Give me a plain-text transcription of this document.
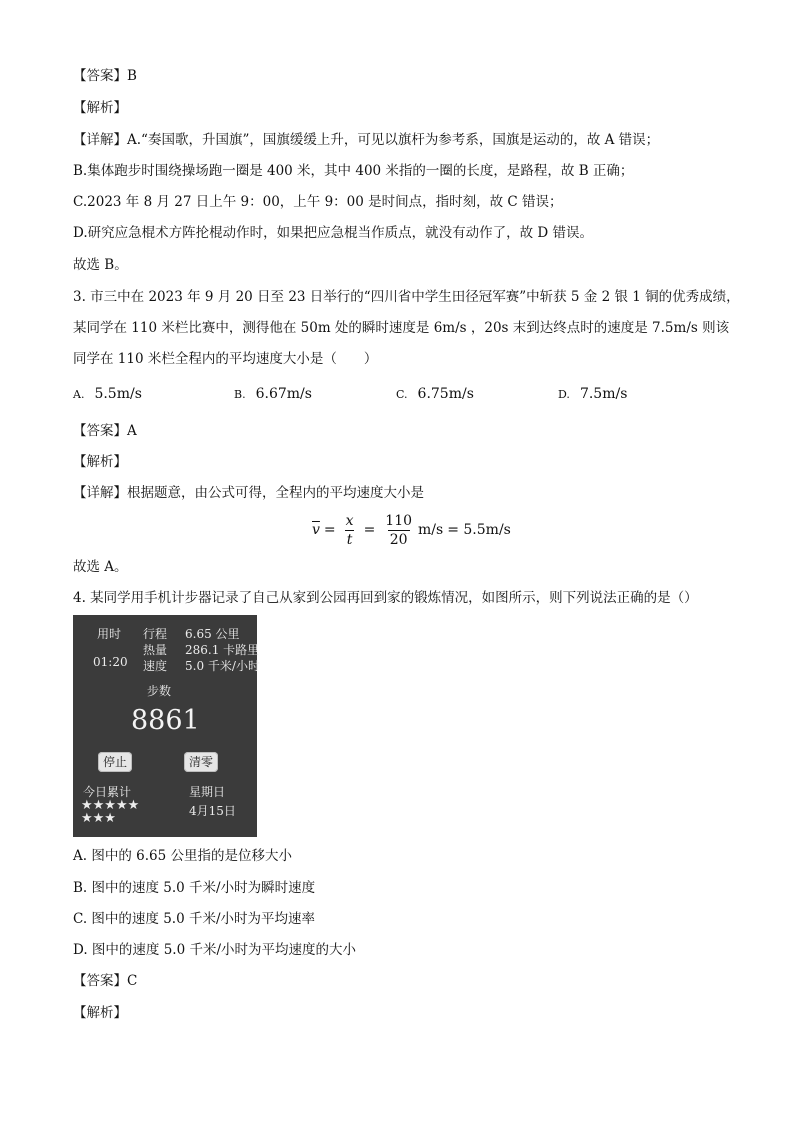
【答案】B
【解析】
【详解】A.“奏国歌，升国旗”，国旗缓缓上升，可见以旗杆为参考系，国旗是运动的，故 A 错误；
B.集体跑步时围绕操场跑一圈是 400 米，其中 400 米指的一圈的长度，是路程，故 B 正确；
C.2023 年 8 月 27 日上午 9：00，上午 9：00 是时间点，指时刻，故 C 错误；
D.研究应急棍术方阵抡棍动作时，如果把应急棍当作质点，就没有动作了，故 D 错误。
故选 B。
3. 市三中在 2023 年 9 月 20 日至 23 日举行的“四川省中学生田径冠军赛”中斩获 5 金 2 银 1 铜的优秀成绩，
某同学在 110 米栏比赛中，测得他在 50m 处的瞬时速度是 6m/s ，20s 末到达终点时的速度是 7.5m/s 则该
同学在 110 米栏全程内的平均速度大小是（　　）
A. 5.5m/s	B. 6.67m/s	C. 6.75m/s	D. 7.5m/s
【答案】A
【解析】
【详解】根据题意，由公式可得，全程内的平均速度大小是
$\overline{v} = \frac{x}{t} = \frac{110}{20} m/s = 5.5m/s$
故选 A。
4. 某同学用手机计步器记录了自己从家到公园再回到家的锻炼情况，如图所示，则下列说法正确的是（）
用时
01:20
行程 6.65 公里
热量 286.1 卡路里
速度 5.0 千米/小时
步数
8861
停止	清零
今日累计
★★★★★
★★★
星期日
4月15日
A. 图中的 6.65 公里指的是位移大小
B. 图中的速度 5.0 千米/小时为瞬时速度
C. 图中的速度 5.0 千米/小时为平均速率
D. 图中的速度 5.0 千米/小时为平均速度的大小
【答案】C
【解析】
